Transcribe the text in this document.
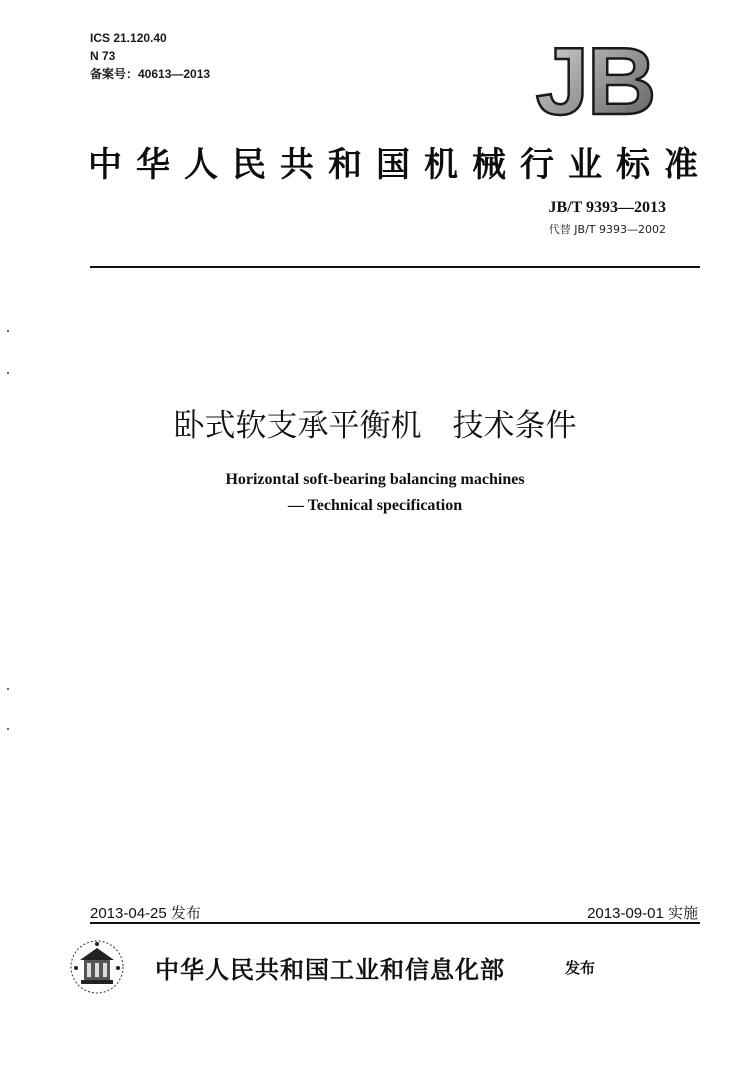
ICS 21.120.40
N 73
备案号：40613—2013	JB
中华人民共和国机械行业标准
JB/T 9393—2013
代替 JB/T 9393—2002
卧式软支承平衡机　技术条件
Horizontal soft-bearing balancing machines
— Technical specification
2013-04-25 发布	2013-09-01 实施
中华人民共和国工业和信息化部	发布
